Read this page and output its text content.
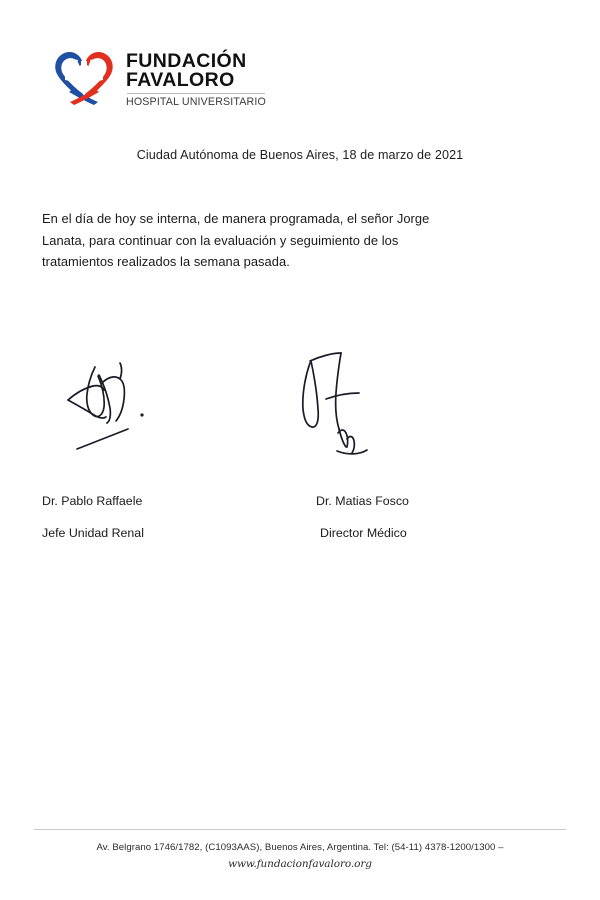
FUNDACIÓN
FAVALORO
HOSPITAL UNIVERSITARIO
Ciudad Autónoma de Buenos Aires, 18 de marzo de 2021
En el día de hoy se interna, de manera programada, el señor Jorge Lanata, para continuar con la evaluación y seguimiento de los tratamientos realizados la semana pasada.
Dr. Pablo Raffaele
Jefe Unidad Renal
Dr. Matias Fosco
Director Médico
Av. Belgrano 1746/1782, (C1093AAS), Buenos Aires, Argentina. Tel: (54-11) 4378-1200/1300 –
www.fundacionfavaloro.org
